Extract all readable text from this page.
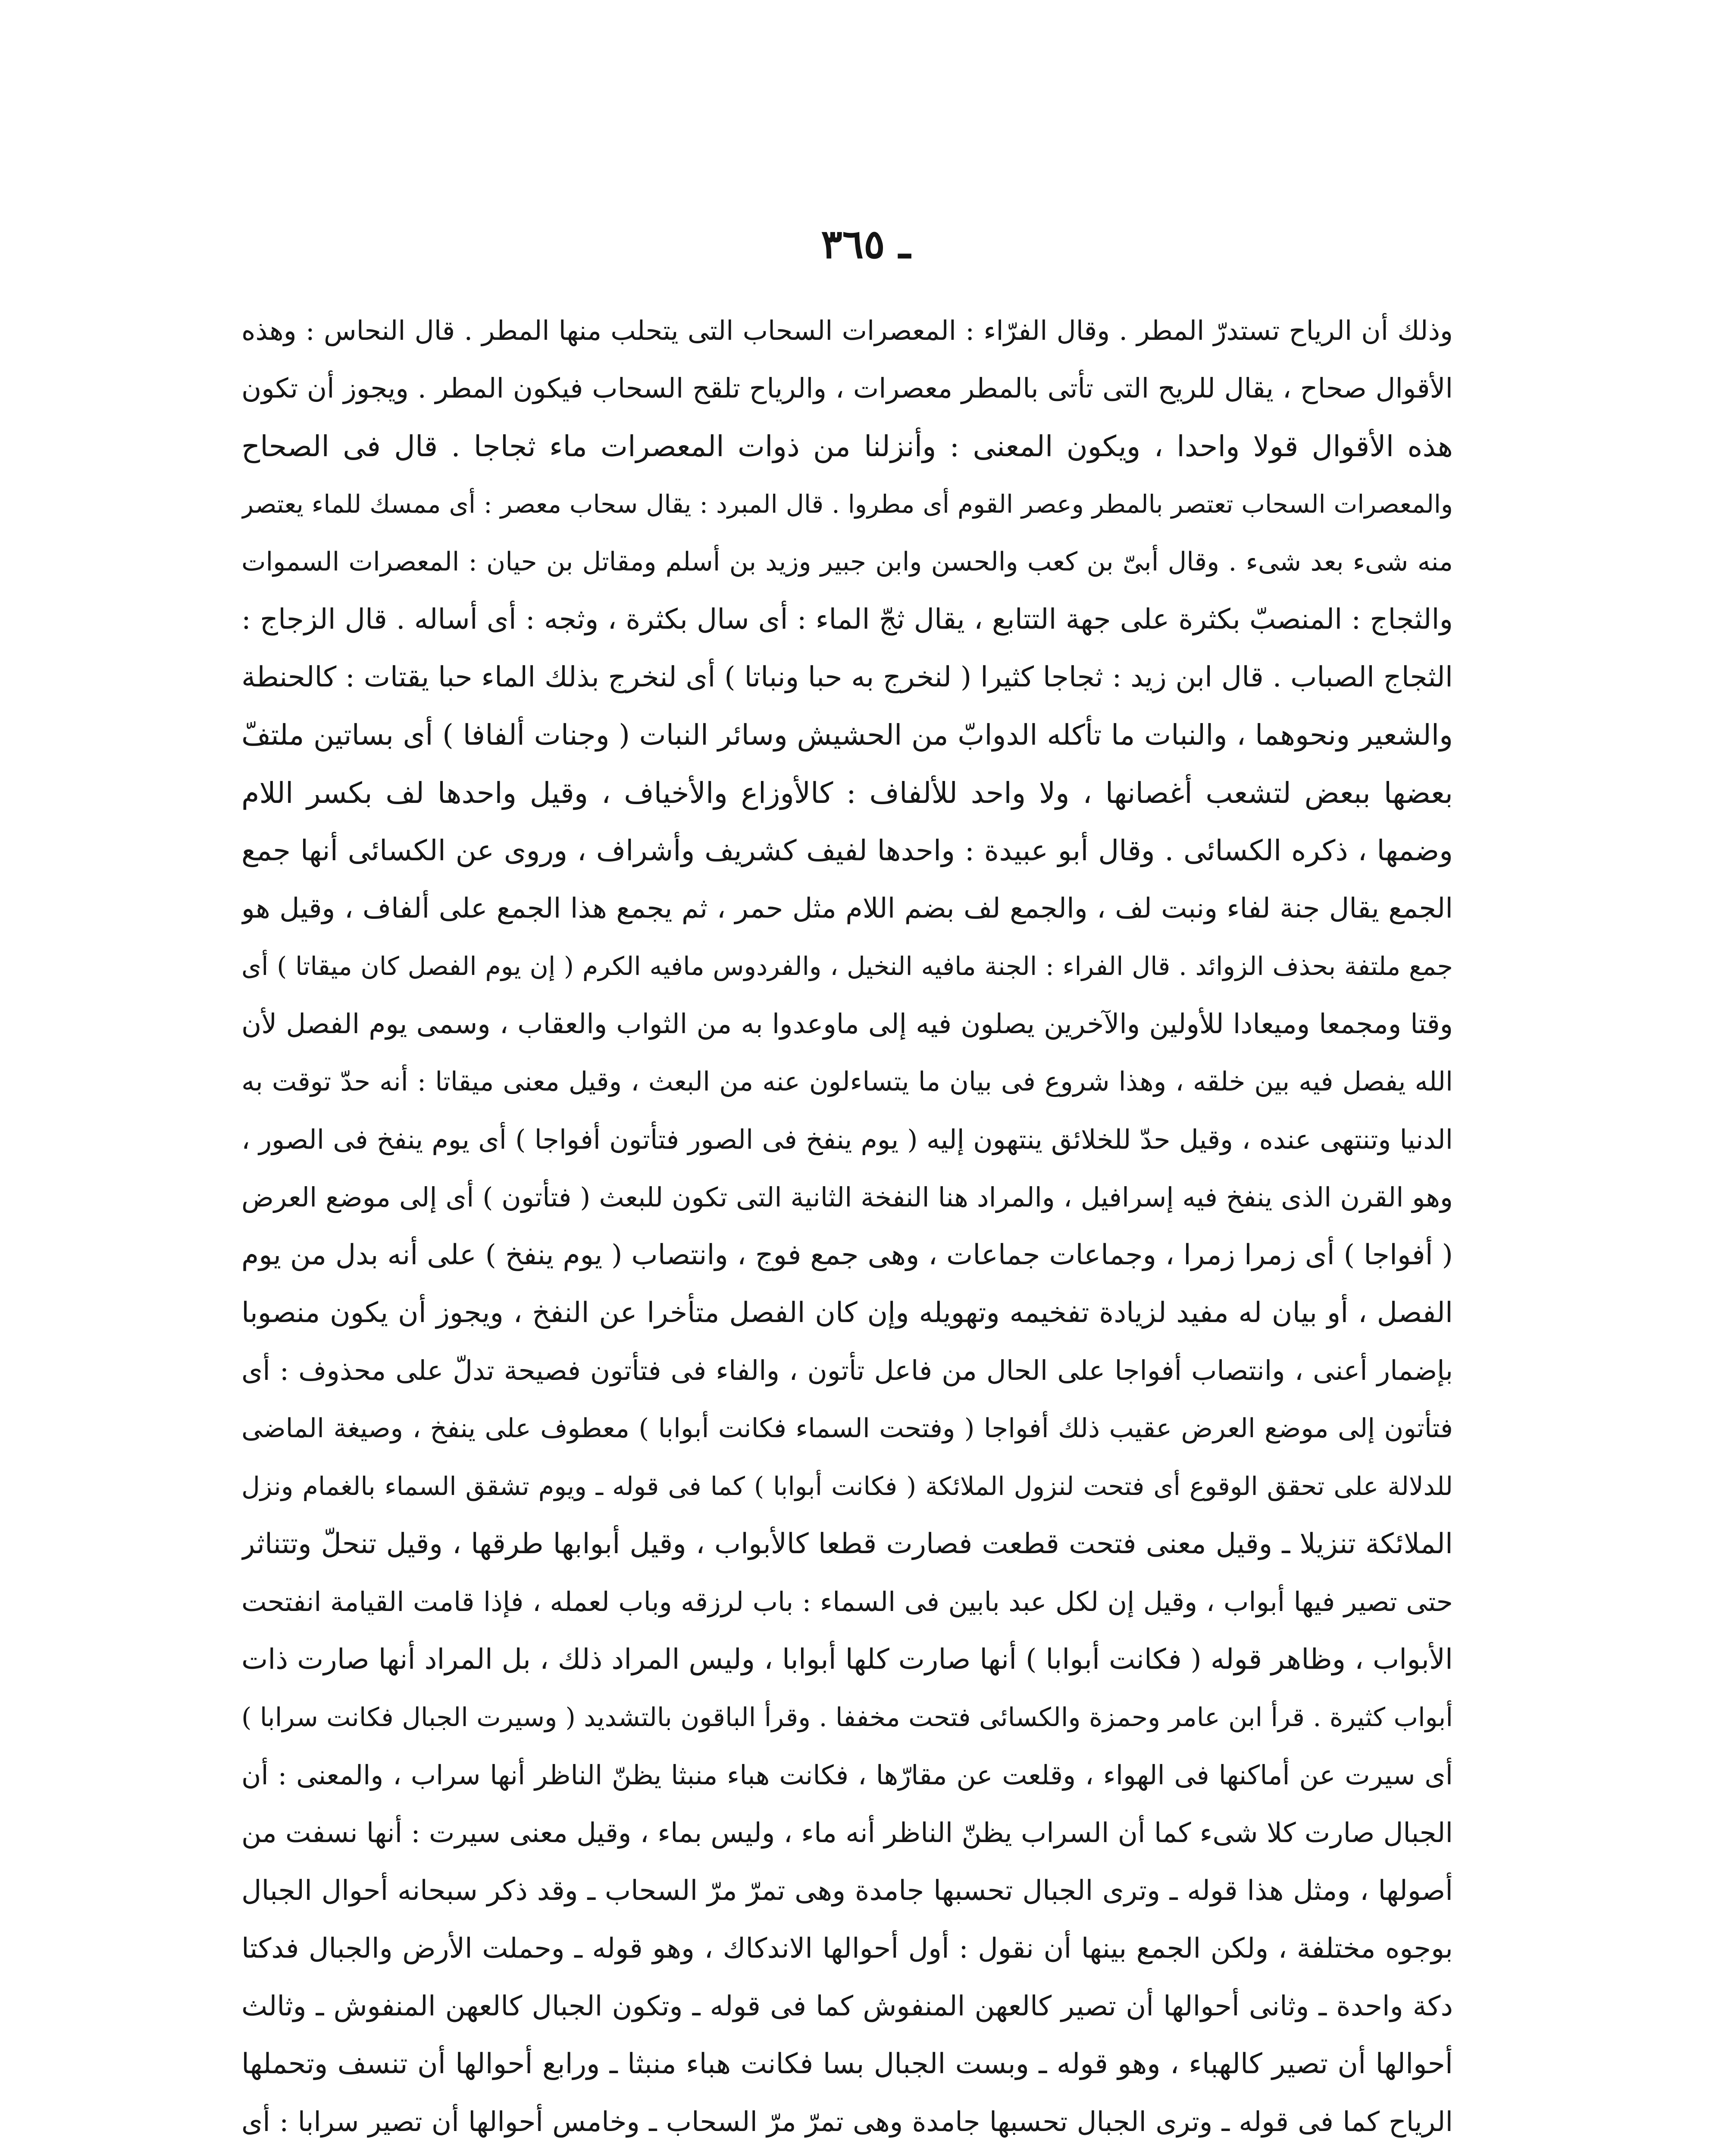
ـ ٣٦٥
وذلك أن الرياح تستدرّ المطر . وقال الفرّاء : المعصرات السحاب التى يتحلب منها المطر . قال النحاس : وهذه
الأقوال صحاح ، يقال للريح التى تأتى بالمطر معصرات ، والرياح تلقح السحاب فيكون المطر . ويجوز أن تكون
هذه الأقوال قولا واحدا ، ويكون المعنى : وأنزلنا من ذوات المعصرات ماء ثجاجا . قال فى الصحاح
والمعصرات السحاب تعتصر بالمطر وعصر القوم أى مطروا . قال المبرد : يقال سحاب معصر : أى ممسك للماء يعتصر
منه شىء بعد شىء . وقال أبىّ بن كعب والحسن وابن جبير وزيد بن أسلم ومقاتل بن حيان : المعصرات السموات
والثجاج : المنصبّ بكثرة على جهة التتابع ، يقال ثجّ الماء : أى سال بكثرة ، وثجه : أى أساله . قال الزجاج :
الثجاج الصباب . قال ابن زيد : ثجاجا كثيرا ( لنخرج به حبا ونباتا ) أى لنخرج بذلك الماء حبا يقتات : كالحنطة
والشعير ونحوهما ، والنبات ما تأكله الدوابّ من الحشيش وسائر النبات ( وجنات ألفافا ) أى بساتين ملتفّ
بعضها ببعض لتشعب أغصانها ، ولا واحد للألفاف : كالأوزاع والأخياف ، وقيل واحدها لف بكسر اللام
وضمها ، ذكره الكسائى . وقال أبو عبيدة : واحدها لفيف كشريف وأشراف ، وروى عن الكسائى أنها جمع
الجمع يقال جنة لفاء ونبت لف ، والجمع لف بضم اللام مثل حمر ، ثم يجمع هذا الجمع على ألفاف ، وقيل هو
جمع ملتفة بحذف الزوائد . قال الفراء : الجنة مافيه النخيل ، والفردوس مافيه الكرم ( إن يوم الفصل كان ميقاتا ) أى
وقتا ومجمعا وميعادا للأولين والآخرين يصلون فيه إلى ماوعدوا به من الثواب والعقاب ، وسمى يوم الفصل لأن
الله يفصل فيه بين خلقه ، وهذا شروع فى بيان ما يتساءلون عنه من البعث ، وقيل معنى ميقاتا : أنه حدّ توقت به
الدنيا وتنتهى عنده ، وقيل حدّ للخلائق ينتهون إليه ( يوم ينفخ فى الصور فتأتون أفواجا ) أى يوم ينفخ فى الصور ،
وهو القرن الذى ينفخ فيه إسرافيل ، والمراد هنا النفخة الثانية التى تكون للبعث ( فتأتون ) أى إلى موضع العرض
( أفواجا ) أى زمرا زمرا ، وجماعات جماعات ، وهى جمع فوج ، وانتصاب ( يوم ينفخ ) على أنه بدل من يوم
الفصل ، أو بيان له مفيد لزيادة تفخيمه وتهويله وإن كان الفصل متأخرا عن النفخ ، ويجوز أن يكون منصوبا
بإضمار أعنى ، وانتصاب أفواجا على الحال من فاعل تأتون ، والفاء فى فتأتون فصيحة تدلّ على محذوف : أى
فتأتون إلى موضع العرض عقيب ذلك أفواجا ( وفتحت السماء فكانت أبوابا ) معطوف على ينفخ ، وصيغة الماضى
للدلالة على تحقق الوقوع أى فتحت لنزول الملائكة ( فكانت أبوابا ) كما فى قوله ـ ويوم تشقق السماء بالغمام ونزل
الملائكة تنزيلا ـ وقيل معنى فتحت قطعت فصارت قطعا كالأبواب ، وقيل أبوابها طرقها ، وقيل تنحلّ وتتناثر
حتى تصير فيها أبواب ، وقيل إن لكل عبد بابين فى السماء : باب لرزقه وباب لعمله ، فإذا قامت القيامة انفتحت
الأبواب ، وظاهر قوله ( فكانت أبوابا ) أنها صارت كلها أبوابا ، وليس المراد ذلك ، بل المراد أنها صارت ذات
أبواب كثيرة . قرأ ابن عامر وحمزة والكسائى فتحت مخففا . وقرأ الباقون بالتشديد ( وسيرت الجبال فكانت سرابا )
أى سيرت عن أماكنها فى الهواء ، وقلعت عن مقارّها ، فكانت هباء منبثا يظنّ الناظر أنها سراب ، والمعنى : أن
الجبال صارت كلا شىء كما أن السراب يظنّ الناظر أنه ماء ، وليس بماء ، وقيل معنى سيرت : أنها نسفت من
أصولها ، ومثل هذا قوله ـ وترى الجبال تحسبها جامدة وهى تمرّ مرّ السحاب ـ وقد ذكر سبحانه أحوال الجبال
بوجوه مختلفة ، ولكن الجمع بينها أن نقول : أول أحوالها الاندكاك ، وهو قوله ـ وحملت الأرض والجبال فدكتا
دكة واحدة ـ وثانى أحوالها أن تصير كالعهن المنفوش كما فى قوله ـ وتكون الجبال كالعهن المنفوش ـ وثالث
أحوالها أن تصير كالهباء ، وهو قوله ـ وبست الجبال بسا فكانت هباء منبثا ـ ورابع أحوالها أن تنسف وتحملها
الرياح كما فى قوله ـ وترى الجبال تحسبها جامدة وهى تمرّ مرّ السحاب ـ وخامس أحوالها أن تصير سرابا : أى
